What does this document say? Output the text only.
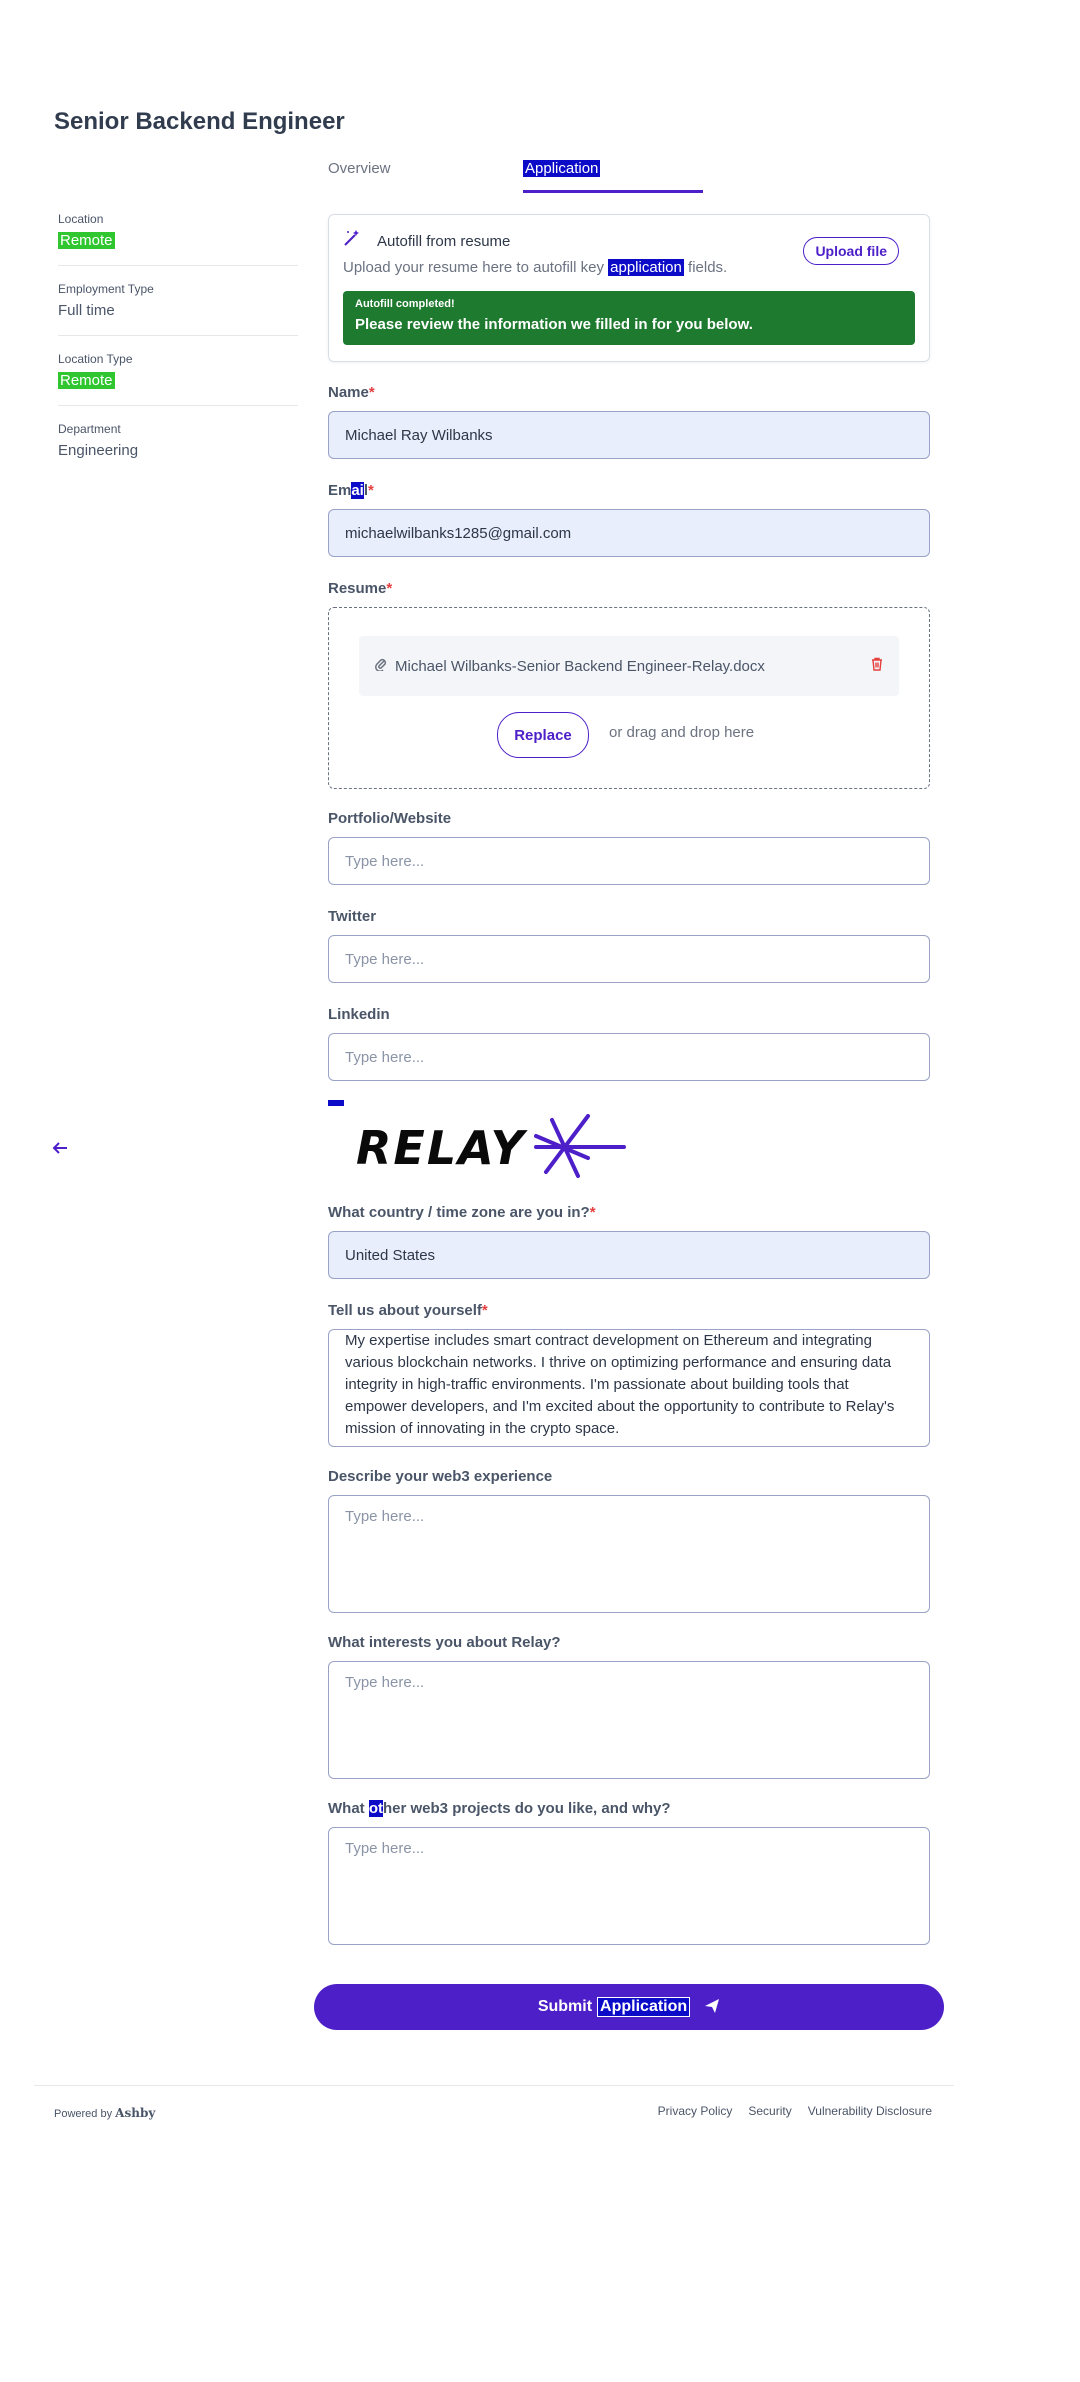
Senior Backend Engineer
Location
Remote
Employment Type
Full time
Location Type
Remote
Department
Engineering
Overview	Application
Autofill from resume
Upload your resume here to autofill key application fields.
Upload file
Autofill completed!
Please review the information we filled in for you below.
Name*
Michael Ray Wilbanks
Email*
michaelwilbanks1285@gmail.com
Resume*
Michael Wilbanks-Senior Backend Engineer-Relay.docx
Replace	or drag and drop here
Portfolio/Website
Type here...
Twitter
Type here...
Linkedin
Type here...
What country / time zone are you in?*
United States
Tell us about yourself*
My expertise includes smart contract development on Ethereum and integrating various blockchain networks. I thrive on optimizing performance and ensuring data integrity in high-traffic environments. I'm passionate about building tools that empower developers, and I'm excited about the opportunity to contribute to Relay's mission of innovating in the crypto space.
Describe your web3 experience
Type here...
What interests you about Relay?
Type here...
What other web3 projects do you like, and why?
Type here...
RELAY
Submit Application
Powered by Ashby	Privacy Policy Security Vulnerability Disclosure
